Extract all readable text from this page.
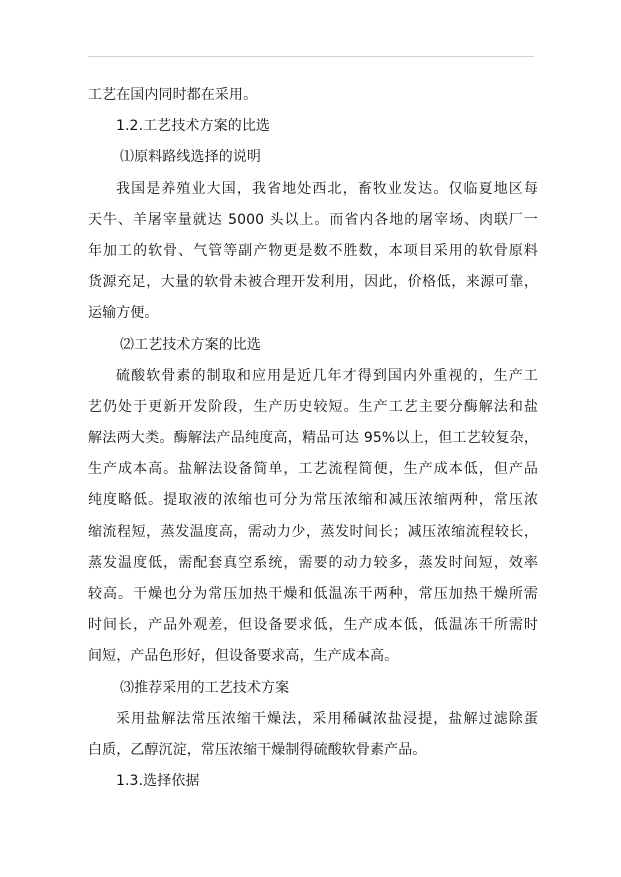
工艺在国内同时都在采用。
1.2.工艺技术方案的比选
⑴原料路线选择的说明
我国是养殖业大国，我省地处西北，畜牧业发达。仅临夏地区每
天牛、羊屠宰量就达 5000 头以上。而省内各地的屠宰场、肉联厂一
年加工的软骨、气管等副产物更是数不胜数，本项目采用的软骨原料
货源充足，大量的软骨未被合理开发利用，因此，价格低，来源可靠，
运输方便。
⑵工艺技术方案的比选
硫酸软骨素的制取和应用是近几年才得到国内外重视的，生产工
艺仍处于更新开发阶段，生产历史较短。生产工艺主要分酶解法和盐
解法两大类。酶解法产品纯度高，精品可达 95%以上，但工艺较复杂，
生产成本高。盐解法设备简单，工艺流程简便，生产成本低，但产品
纯度略低。提取液的浓缩也可分为常压浓缩和减压浓缩两种，常压浓
缩流程短，蒸发温度高，需动力少，蒸发时间长；减压浓缩流程较长，
蒸发温度低，需配套真空系统，需要的动力较多，蒸发时间短，效率
较高。干燥也分为常压加热干燥和低温冻干两种，常压加热干燥所需
时间长，产品外观差，但设备要求低，生产成本低，低温冻干所需时
间短，产品色形好，但设备要求高，生产成本高。
⑶推荐采用的工艺技术方案
采用盐解法常压浓缩干燥法，采用稀碱浓盐浸提，盐解过滤除蛋
白质，乙醇沉淀，常压浓缩干燥制得硫酸软骨素产品。
1.3.选择依据
